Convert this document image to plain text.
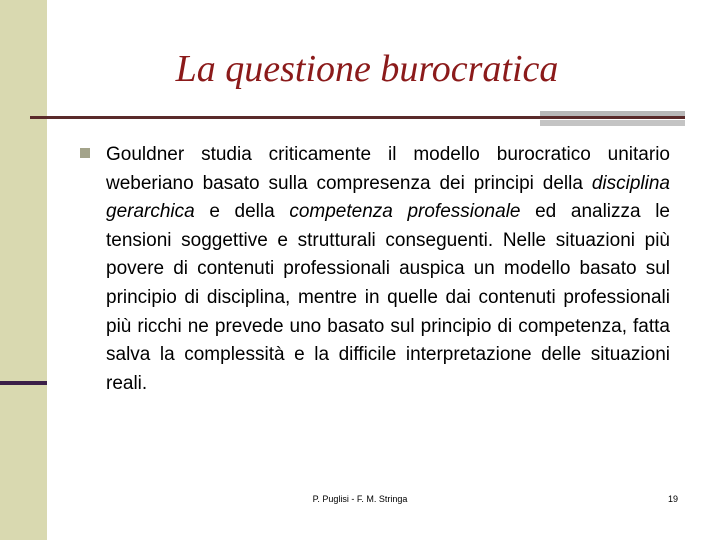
La questione burocratica

Gouldner studia criticamente il modello burocratico unitario weberiano basato sulla compresenza dei principi della disciplina gerarchica e della competenza professionale ed analizza le tensioni soggettive e strutturali conseguenti. Nelle situazioni più povere di contenuti professionali auspica un modello basato sul principio di disciplina, mentre in quelle dai contenuti professionali più ricchi ne prevede uno basato sul principio di competenza, fatta salva la complessità e la difficile interpretazione delle situazioni reali.

P. Puglisi - F. M. Stringa	19
